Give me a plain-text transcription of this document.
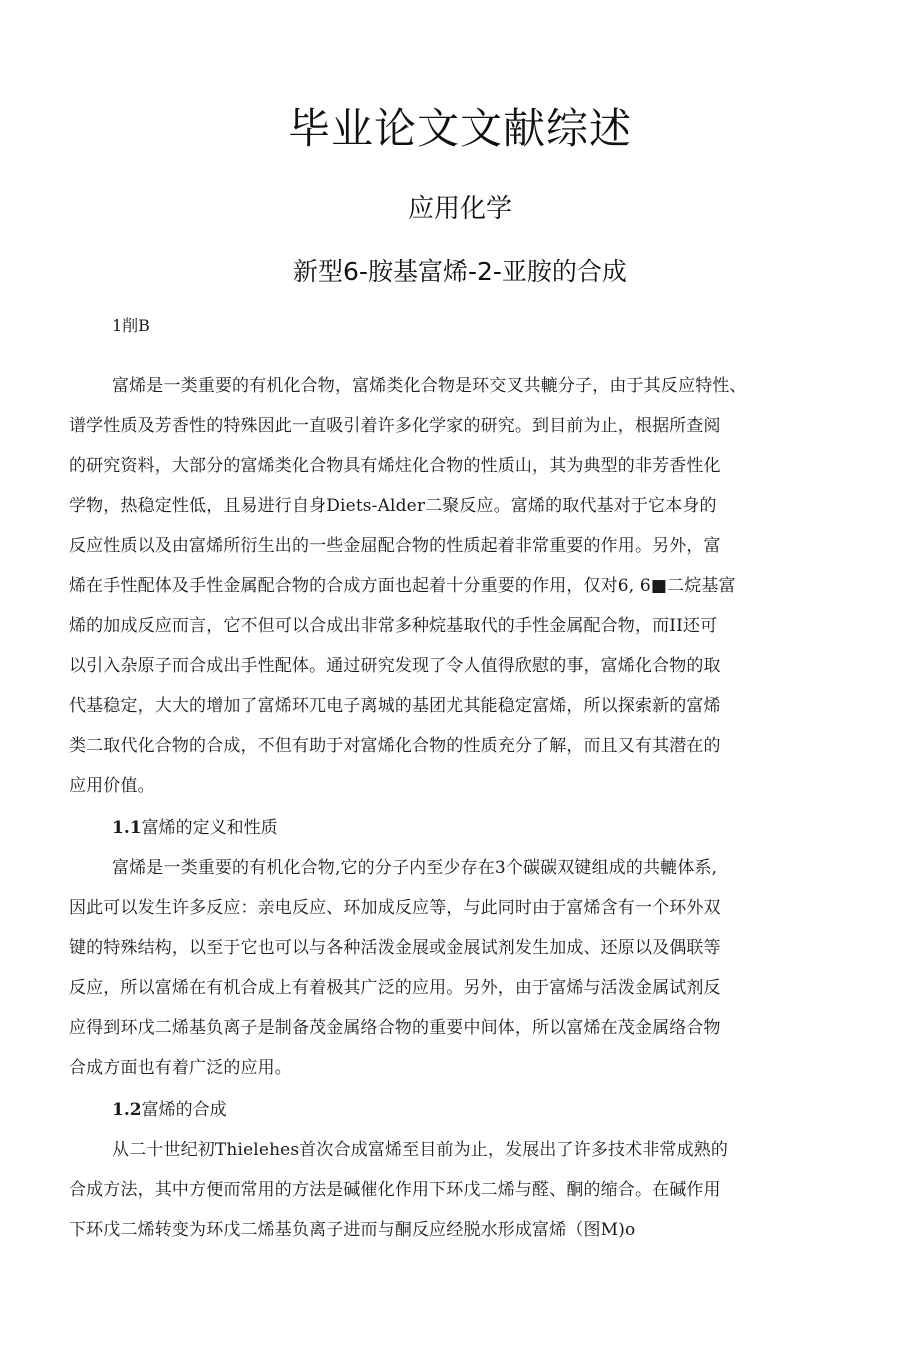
毕业论文文献综述
应用化学
新型6-胺基富烯-2-亚胺的合成
1削B
富烯是一类重要的有机化合物，富烯类化合物是环交叉共轆分子，由于其反应特性、
谱学性质及芳香性的特殊因此一直吸引着许多化学家的研究。到目前为止，根据所查阅
的研究资料，大部分的富烯类化合物具有烯炷化合物的性质山，其为典型的非芳香性化
学物，热稳定性低，且易进行自身Diets-Alder二聚反应。富烯的取代基对于它本身的
反应性质以及由富烯所衍生出的一些金屈配合物的性质起着非常重要的作用。另外，富
烯在手性配体及手性金属配合物的合成方面也起着十分重要的作用，仅对6, 6■二烷基富
烯的加成反应而言，它不但可以合成出非常多种烷基取代的手性金属配合物，而II还可
以引入杂原子而合成出手性配体。通过研究发现了令人值得欣慰的事，富烯化合物的取
代基稳定，大大的增加了富烯环兀电子离城的基团尤其能稳定富烯，所以探索新的富烯
类二取代化合物的合成，不但有助于对富烯化合物的性质充分了解，而且又有其潜在的
应用价值。
1.1富烯的定义和性质
富烯是一类重要的有机化合物,它的分子内至少存在3个碳碳双键组成的共轆体系,
因此可以发生许多反应：亲电反应、环加成反应等，与此同时由于富烯含有一个环外双
键的特殊结构，以至于它也可以与各种活泼金展或金展试剂发生加成、还原以及偶联等
反应，所以富烯在有机合成上有着极其广泛的应用。另外，由于富烯与活泼金属试剂反
应得到环戊二烯基负离子是制备茂金属络合物的重要中间体，所以富烯在茂金属络合物
合成方面也有着广泛的应用。
1.2富烯的合成
从二十世纪初Thielehes首次合成富烯至目前为止，发展出了许多技术非常成熟的
合成方法，其中方便而常用的方法是碱催化作用下环戊二烯与醛、酮的缩合。在碱作用
下环戊二烯转变为环戊二烯基负离子进而与酮反应经脱水形成富烯（图M)o
